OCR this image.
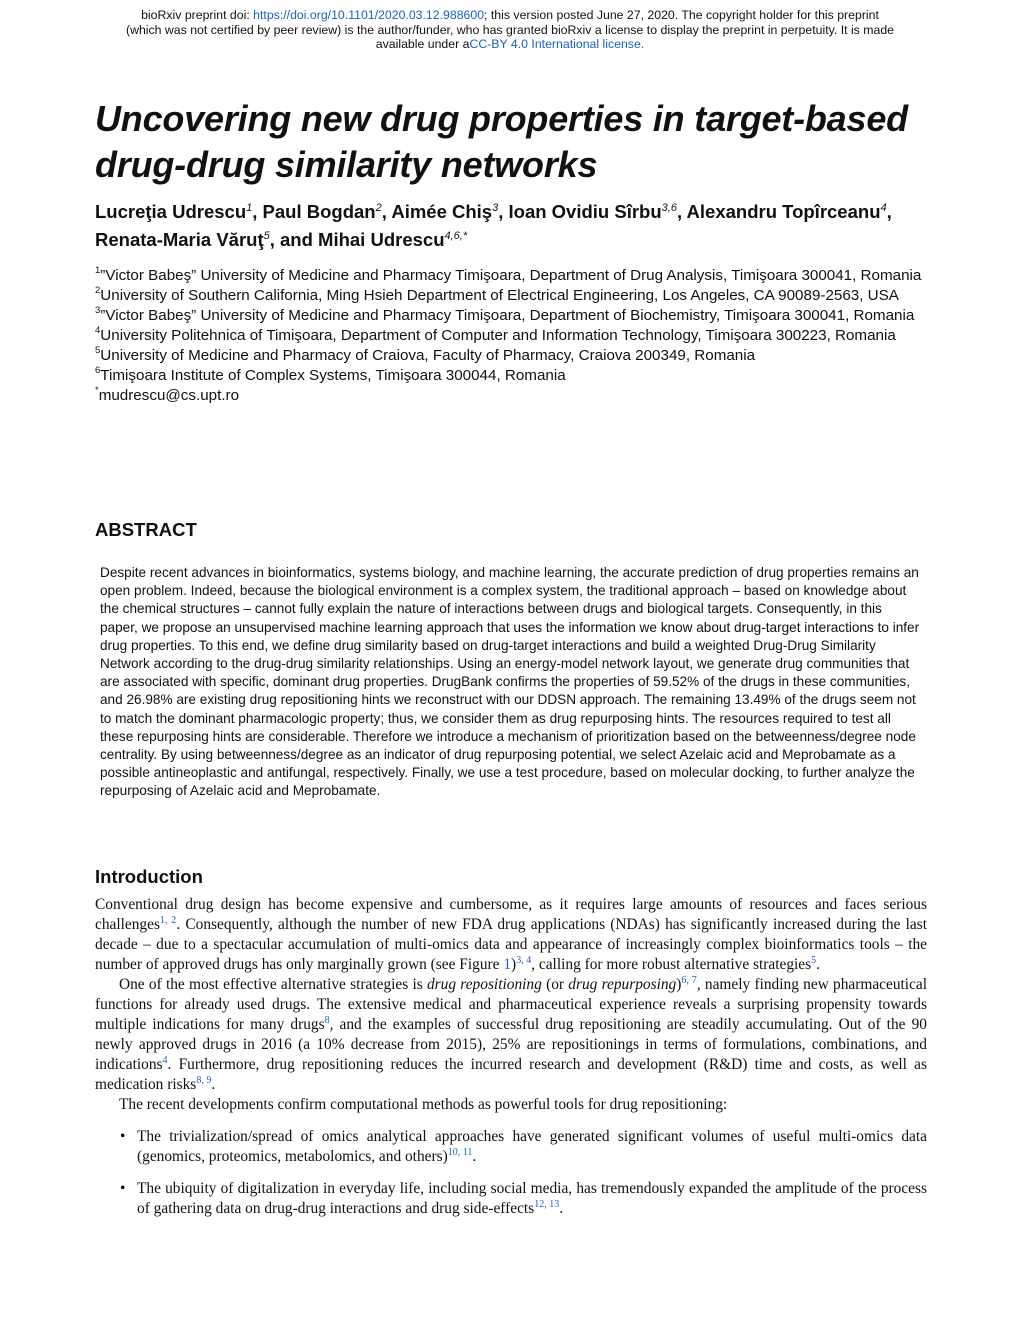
bioRxiv preprint doi: https://doi.org/10.1101/2020.03.12.988600; this version posted June 27, 2020. The copyright holder for this preprint
(which was not certified by peer review) is the author/funder, who has granted bioRxiv a license to display the preprint in perpetuity. It is made
available under aCC-BY 4.0 International license.
Uncovering new drug properties in target-based
drug-drug similarity networks
Lucreţia Udrescu$^1$, Paul Bogdan$^2$, Aimée Chiş$^3$, Ioan Ovidiu Sîrbu$^{3,6}$, Alexandru Topîrceanu$^4$, Renata-Maria Văruţ$^5$, and Mihai Udrescu$^{4,6,*}$
$^1$”Victor Babeş” University of Medicine and Pharmacy Timişoara, Department of Drug Analysis, Timişoara 300041, Romania
$^2$University of Southern California, Ming Hsieh Department of Electrical Engineering, Los Angeles, CA 90089-2563, USA
$^3$”Victor Babeş” University of Medicine and Pharmacy Timişoara, Department of Biochemistry, Timişoara 300041, Romania
$^4$University Politehnica of Timişoara, Department of Computer and Information Technology, Timişoara 300223, Romania
$^5$University of Medicine and Pharmacy of Craiova, Faculty of Pharmacy, Craiova 200349, Romania
$^6$Timişoara Institute of Complex Systems, Timişoara 300044, Romania
*mudrescu@cs.upt.ro
ABSTRACT
Despite recent advances in bioinformatics, systems biology, and machine learning, the accurate prediction of drug properties remains an open problem. Indeed, because the biological environment is a complex system, the traditional approach – based on knowledge about the chemical structures – cannot fully explain the nature of interactions between drugs and biological targets. Consequently, in this paper, we propose an unsupervised machine learning approach that uses the information we know about drug-target interactions to infer drug properties. To this end, we define drug similarity based on drug-target interactions and build a weighted Drug-Drug Similarity Network according to the drug-drug similarity relationships. Using an energy-model network layout, we generate drug communities that are associated with specific, dominant drug properties. DrugBank confirms the properties of 59.52% of the drugs in these communities, and 26.98% are existing drug repositioning hints we reconstruct with our DDSN approach. The remaining 13.49% of the drugs seem not to match the dominant pharmacologic property; thus, we consider them as drug repurposing hints. The resources required to test all these repurposing hints are considerable. Therefore we introduce a mechanism of prioritization based on the betweenness/degree node centrality. By using betweenness/degree as an indicator of drug repurposing potential, we select Azelaic acid and Meprobamate as a possible antineoplastic and antifungal, respectively. Finally, we use a test procedure, based on molecular docking, to further analyze the repurposing of Azelaic acid and Meprobamate.
Introduction

Conventional drug design has become expensive and cumbersome, as it requires large amounts of resources and faces serious challenges$^{1, 2}$. Consequently, although the number of new FDA drug applications (NDAs) has significantly increased during the last decade – due to a spectacular accumulation of multi-omics data and appearance of increasingly complex bioinformatics tools – the number of approved drugs has only marginally grown (see Figure 1)$^{3, 4}$, calling for more robust alternative strategies$^5$.

One of the most effective alternative strategies is drug repositioning (or drug repurposing)$^{6, 7}$, namely finding new pharmaceutical functions for already used drugs. The extensive medical and pharmaceutical experience reveals a surprising propensity towards multiple indications for many drugs$^8$, and the examples of successful drug repositioning are steadily accumulating. Out of the 90 newly approved drugs in 2016 (a 10% decrease from 2015), 25% are repositionings in terms of formulations, combinations, and indications$^4$. Furthermore, drug repositioning reduces the incurred research and development (R&D) time and costs, as well as medication risks$^{8, 9}$.

The recent developments confirm computational methods as powerful tools for drug repositioning:

• The trivialization/spread of omics analytical approaches have generated significant volumes of useful multi-omics data (genomics, proteomics, metabolomics, and others)$^{10, 11}$.
• The ubiquity of digitalization in everyday life, including social media, has tremendously expanded the amplitude of the process of gathering data on drug-drug interactions and drug side-effects$^{12, 13}$.
